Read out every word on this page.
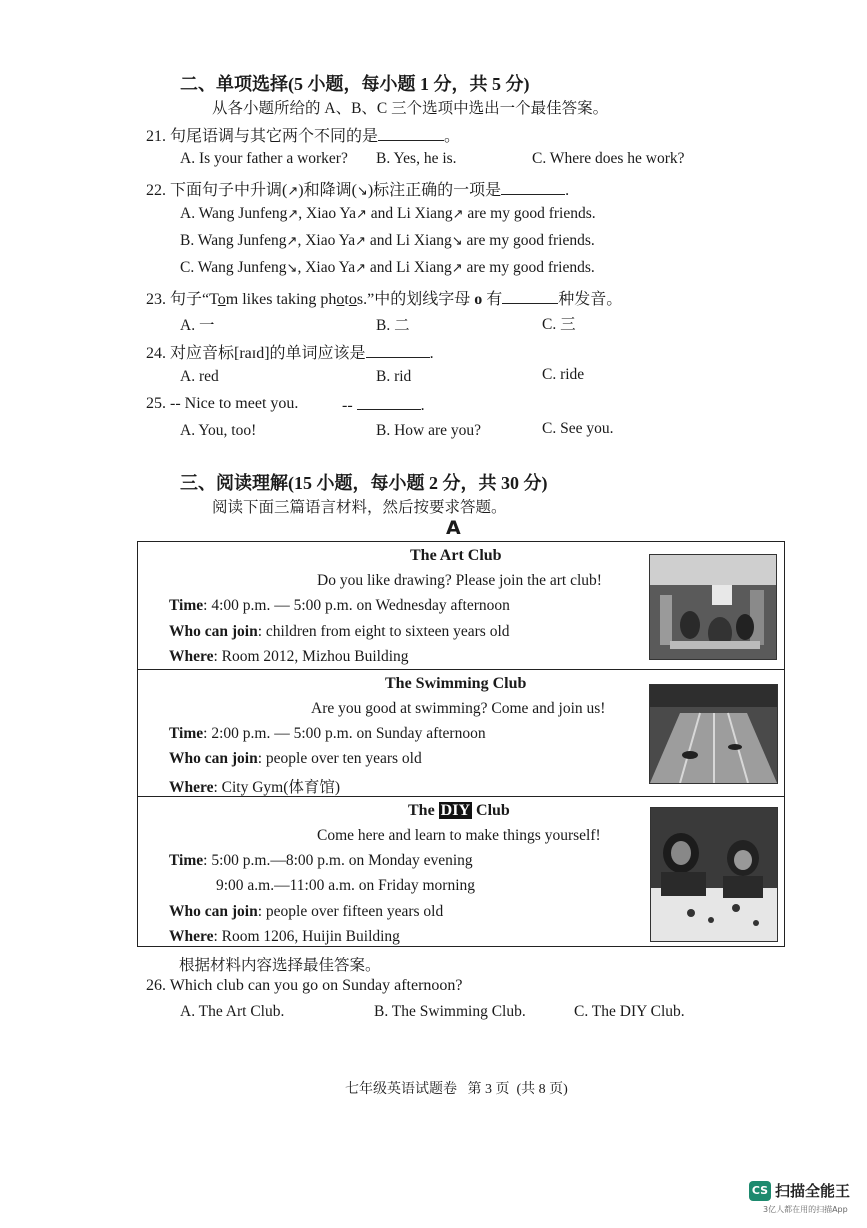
二、单项选择(5 小题，每小题 1 分，共 5 分)
从各小题所给的 A、B、C 三个选项中选出一个最佳答案。
21. 句尾语调与其它两个不同的是	。
A. Is your father a worker? B. Yes, he is.	C. Where does he work?
22. 下面句子中升调(↗)和降调(↘)标注正确的一项是	.
A. Wang Junfeng↗, Xiao Ya↗ and Li Xiang↗ are my good friends.
B. Wang Junfeng↗, Xiao Ya↗ and Li Xiang↘ are my good friends.
C. Wang Junfeng↘, Xiao Ya↗ and Li Xiang↗ are my good friends.
23. 句子“Tom likes taking photos.”中的划线字母 o 有	种发音。
A. 一	B. 二	C. 三
24. 对应音标[raɪd]的单词应该是	.
A. red	B. rid	C. ride
25. -- Nice to meet you.	--	.
A. You, too!	B. How are you?	C. See you.
三、阅读理解(15 小题，每小题 2 分，共 30 分)
阅读下面三篇语言材料，然后按要求答题。
A
The Art Club
Do you like drawing? Please join the art club!
Time: 4:00 p.m. — 5:00 p.m. on Wednesday afternoon
Who can join: children from eight to sixteen years old
Where: Room 2012, Mizhou Building
The Swimming Club
Are you good at swimming? Come and join us!
Time: 2:00 p.m. — 5:00 p.m. on Sunday afternoon
Who can join: people over ten years old
Where: City Gym(体育馆)
The DIY Club
Come here and learn to make things yourself!
Time: 5:00 p.m.—8:00 p.m. on Monday evening
9:00 a.m.—11:00 a.m. on Friday morning
Who can join: people over fifteen years old
Where: Room 1206, Huijin Building
根据材料内容选择最佳答案。
26. Which club can you go on Sunday afternoon?
A. The Art Club.	B. The Swimming Club.	C. The DIY Club.
七年级英语试题卷   第 3 页  (共 8 页)
CS 扫描全能王
3亿人都在用的扫描App
